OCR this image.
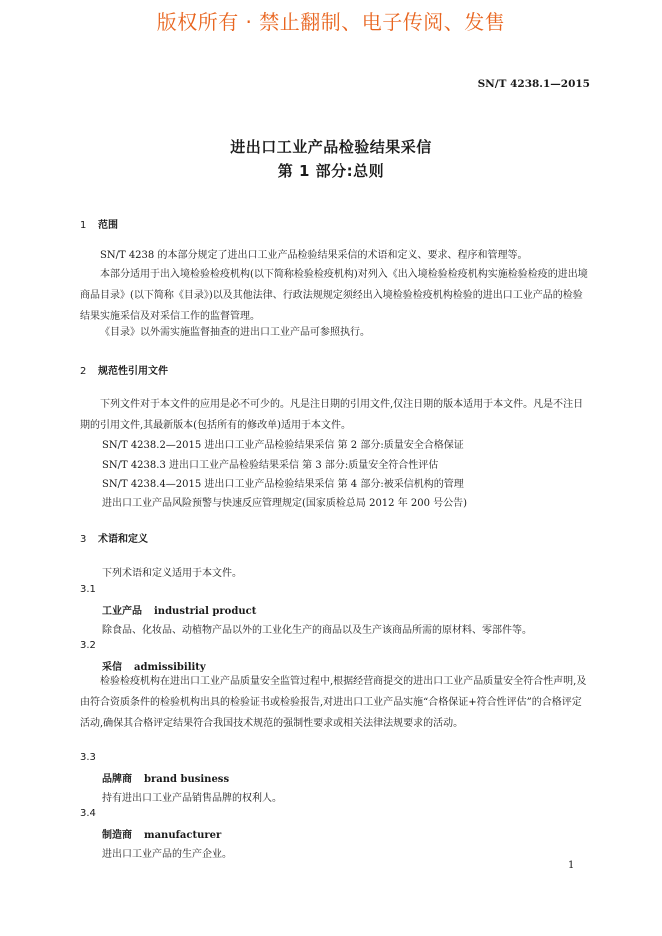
版权所有 · 禁止翻制、电子传阅、发售
SN/T 4238.1—2015
进出口工业产品检验结果采信
第 1 部分:总则
1 范围
SN/T 4238 的本部分规定了进出口工业产品检验结果采信的术语和定义、要求、程序和管理等。
本部分适用于出入境检验检疫机构(以下简称检验检疫机构)对列入《出入境检验检疫机构实施检验检疫的进出境商品目录》(以下简称《目录》)以及其他法律、行政法规规定须经出入境检验检疫机构检验的进出口工业产品的检验结果实施采信及对采信工作的监督管理。
《目录》以外需实施监督抽查的进出口工业产品可参照执行。
2 规范性引用文件
下列文件对于本文件的应用是必不可少的。凡是注日期的引用文件,仅注日期的版本适用于本文件。凡是不注日期的引用文件,其最新版本(包括所有的修改单)适用于本文件。
SN/T 4238.2—2015 进出口工业产品检验结果采信 第 2 部分:质量安全合格保证
SN/T 4238.3 进出口工业产品检验结果采信 第 3 部分:质量安全符合性评估
SN/T 4238.4—2015 进出口工业产品检验结果采信 第 4 部分:被采信机构的管理
进出口工业产品风险预警与快速反应管理规定(国家质检总局 2012 年 200 号公告)
3 术语和定义
下列术语和定义适用于本文件。
3.1
工业产品 industrial product
除食品、化妆品、动植物产品以外的工业化生产的商品以及生产该商品所需的原材料、零部件等。
3.2
采信 admissibility
检验检疫机构在进出口工业产品质量安全监管过程中,根据经营商提交的进出口工业产品质量安全符合性声明,及由符合资质条件的检验机构出具的检验证书或检验报告,对进出口工业产品实施“合格保证+符合性评估”的合格评定活动,确保其合格评定结果符合我国技术规范的强制性要求或相关法律法规要求的活动。
3.3
品牌商 brand business
持有进出口工业产品销售品牌的权利人。
3.4
制造商 manufacturer
进出口工业产品的生产企业。
1
